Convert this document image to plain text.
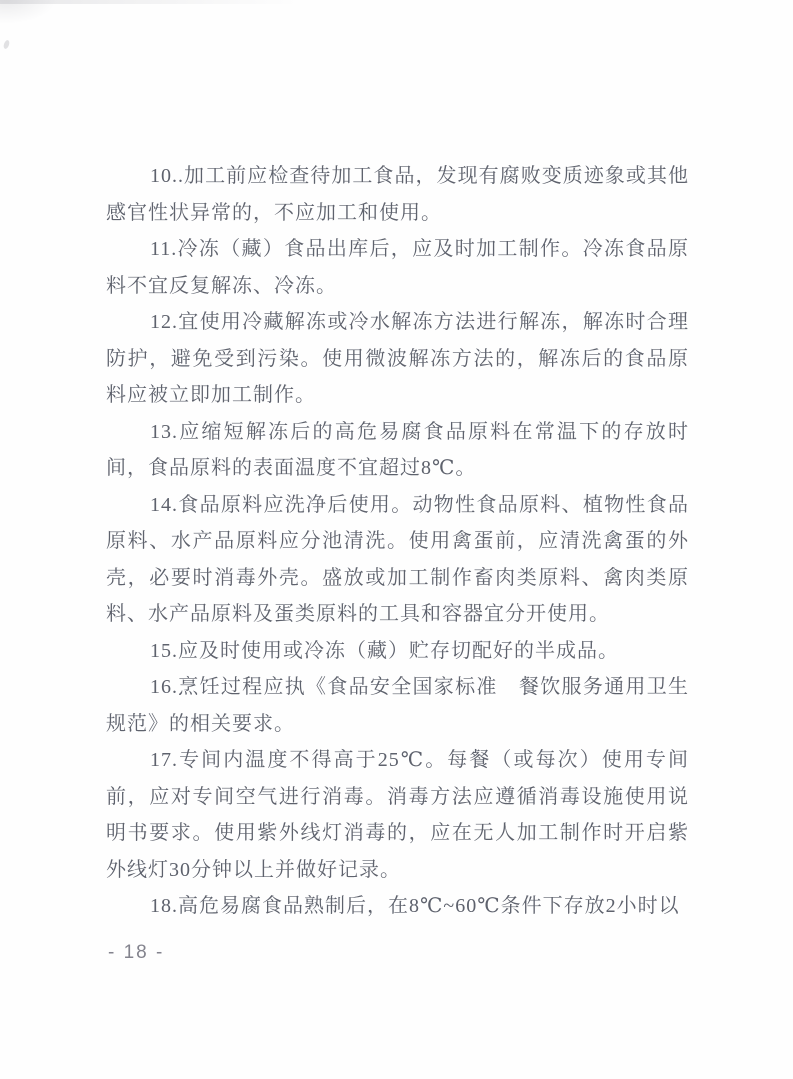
10..加工前应检查待加工食品，发现有腐败变质迹象或其他感官性状异常的，不应加工和使用。

11.冷冻（藏）食品出库后，应及时加工制作。冷冻食品原料不宜反复解冻、冷冻。

12.宜使用冷藏解冻或冷水解冻方法进行解冻，解冻时合理防护，避免受到污染。使用微波解冻方法的，解冻后的食品原料应被立即加工制作。

13.应缩短解冻后的高危易腐食品原料在常温下的存放时间，食品原料的表面温度不宜超过8℃。

14.食品原料应洗净后使用。动物性食品原料、植物性食品原料、水产品原料应分池清洗。使用禽蛋前，应清洗禽蛋的外壳，必要时消毒外壳。盛放或加工制作畜肉类原料、禽肉类原料、水产品原料及蛋类原料的工具和容器宜分开使用。

15.应及时使用或冷冻（藏）贮存切配好的半成品。

16.烹饪过程应执《食品安全国家标准　餐饮服务通用卫生规范》的相关要求。

17.专间内温度不得高于25℃。每餐（或每次）使用专间前，应对专间空气进行消毒。消毒方法应遵循消毒设施使用说明书要求。使用紫外线灯消毒的，应在无人加工制作时开启紫外线灯30分钟以上并做好记录。

18.高危易腐食品熟制后，在8℃~60℃条件下存放2小时以

- 18 -
